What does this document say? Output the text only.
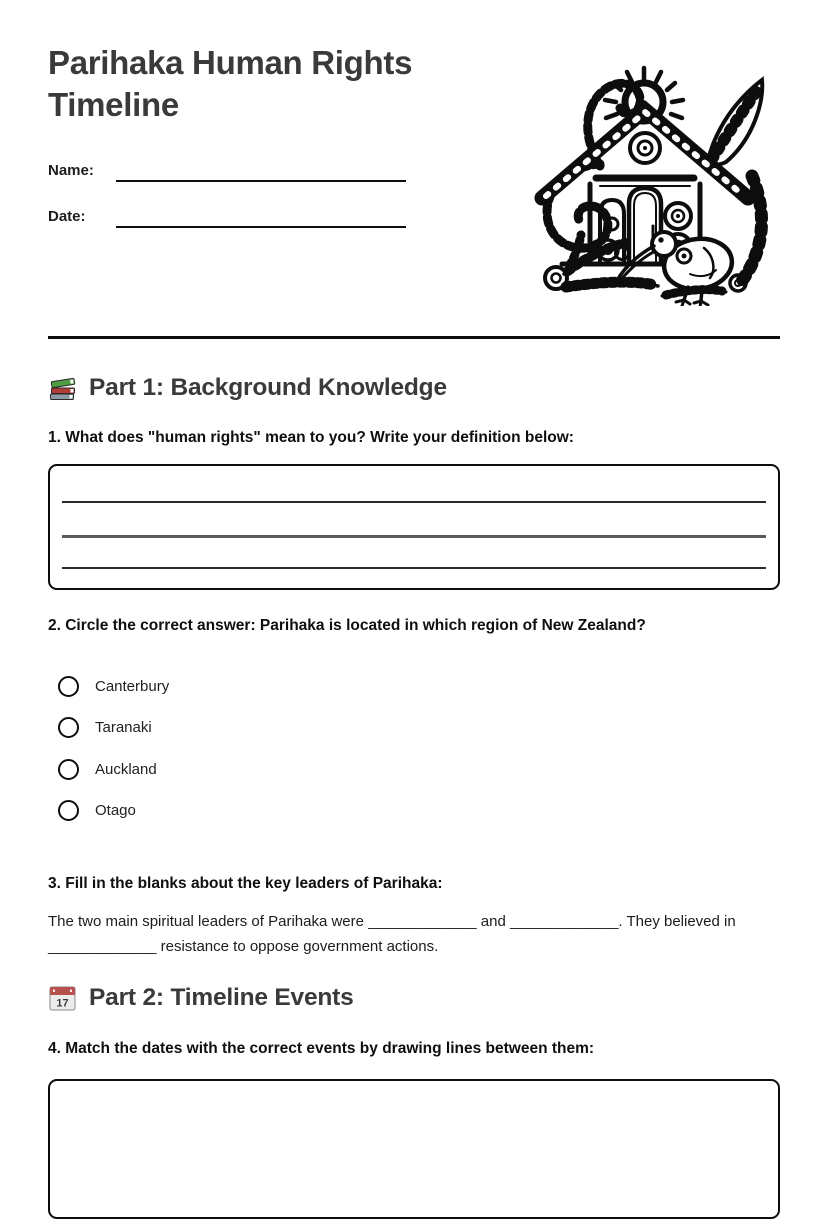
Parihaka Human Rights Timeline
Name:
Date:
Part 1: Background Knowledge
1. What does "human rights" mean to you? Write your definition below:
2. Circle the correct answer: Parihaka is located in which region of New Zealand?
Canterbury
Taranaki
Auckland
Otago
3. Fill in the blanks about the key leaders of Parihaka:
The two main spiritual leaders of Parihaka were _____________ and _____________. They believed in _____________ resistance to oppose government actions.
17 Part 2: Timeline Events
4. Match the dates with the correct events by drawing lines between them:
